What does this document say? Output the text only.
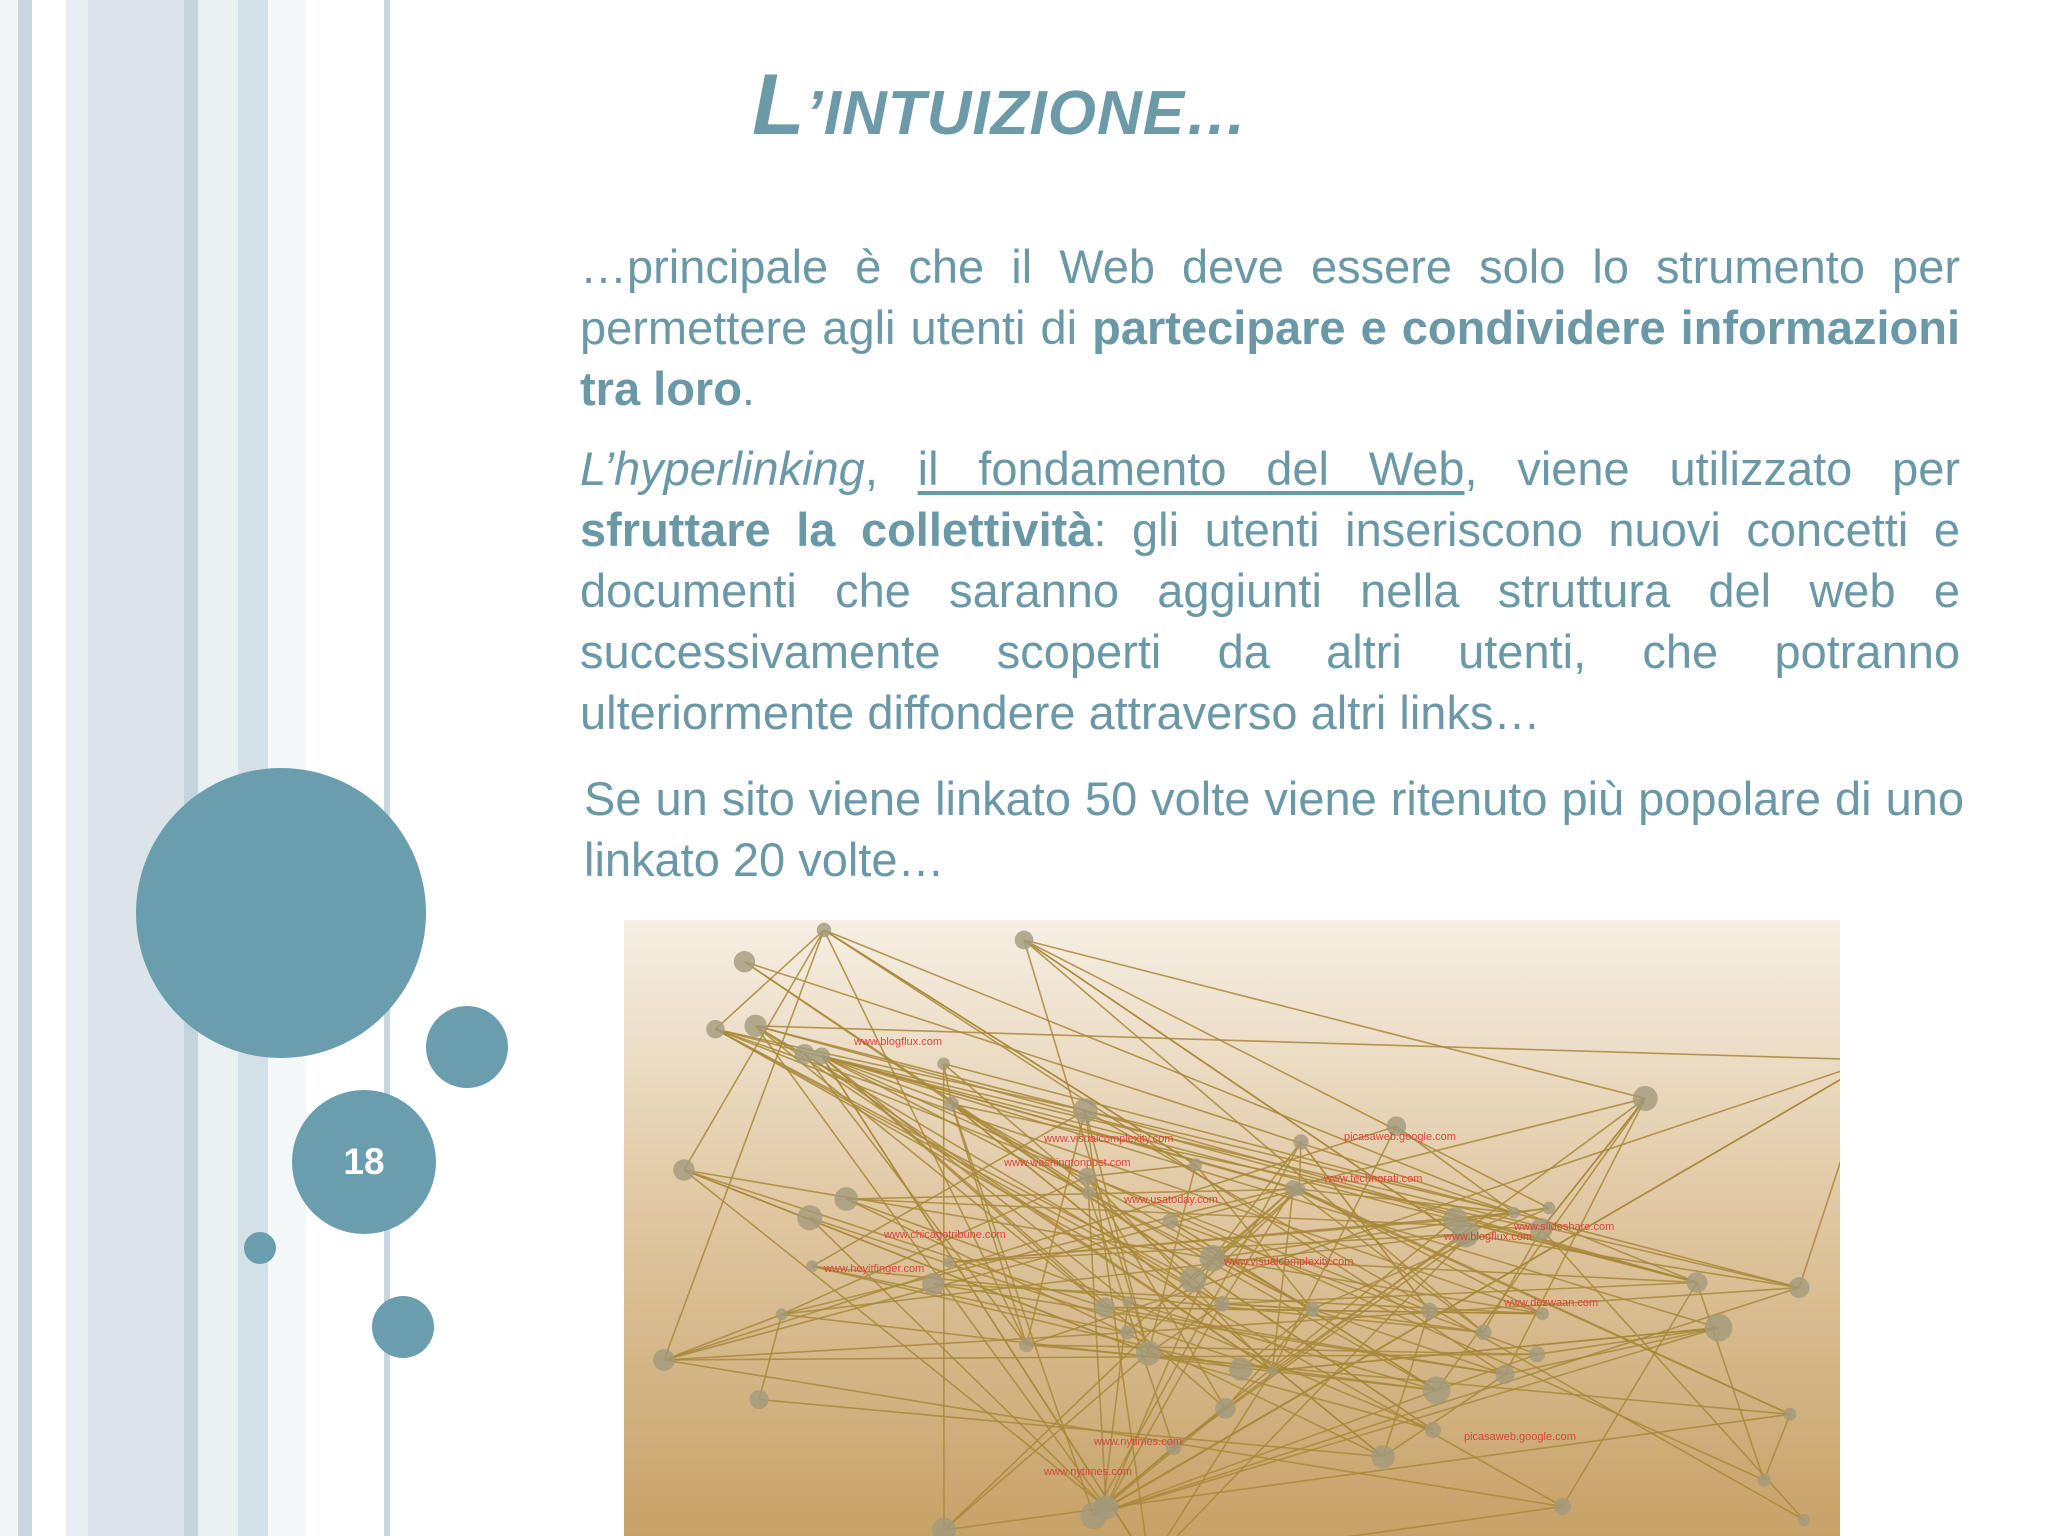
18
L’INTUIZIONE…
…principale è che il Web deve essere solo lo strumento per permettere agli utenti di partecipare e condividere informazioni tra loro.
L’hyperlinking, il fondamento del Web, viene utilizzato per sfruttare la collettività: gli utenti inseriscono nuovi concetti e documenti che saranno aggiunti nella struttura del web e successivamente scoperti da altri utenti, che potranno ulteriormente diffondere attraverso altri links…
Se un sito viene linkato 50 volte viene ritenuto più popolare di uno linkato 20 volte…
www.blogflux.com
www.visualcomplexity.com	picasaweb.google.com
www.nytimes.com
www.heyitfinger.com
www.chicagotribune.com
www.usatoday.com
www.dezwaan.com
www.washingtonpost.com
www.slideshare.com
www.technorati.com
www.blogflux.com
www.visualcomplexity.com
picasaweb.google.com
www.nytimes.com
